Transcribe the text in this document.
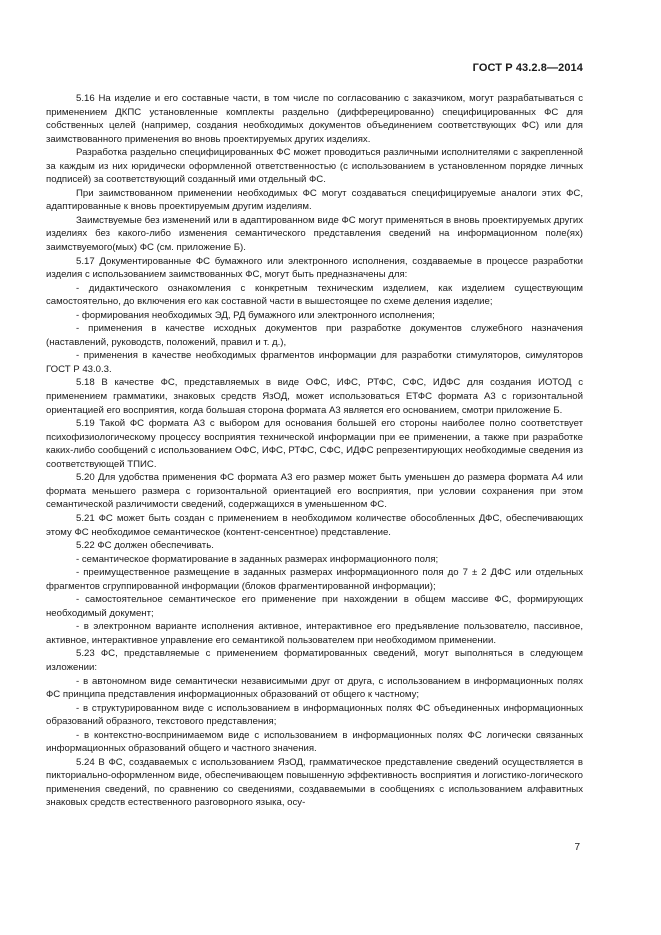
ГОСТ Р 43.2.8—2014

5.16 На изделие и его составные части, в том числе по согласованию с заказчиком, могут разрабатываться с применением ДКПС установленные комплекты раздельно (дифферецированно) специфицированных ФС для собственных целей (например, создания необходимых документов объединением соответствующих ФС) или для заимствованного применения во вновь проектируемых других изделиях.

Разработка раздельно специфицированных ФС может проводиться различными исполнителями с закрепленной за каждым из них юридически оформленной ответственностью (с использованием в установленном порядке личных подписей) за соответствующий созданный ими отдельный ФС.

При заимствованном применении необходимых ФС могут создаваться специфицируемые аналоги этих ФС, адаптированные к вновь проектируемым другим изделиям.

Заимствуемые без изменений или в адаптированном виде ФС могут применяться в вновь проектируемых других изделиях без какого-либо изменения семантического представления сведений на информационном поле(ях) заимствуемого(мых) ФС (см. приложение Б).

5.17 Документированные ФС бумажного или электронного исполнения, создаваемые в процессе разработки изделия с использованием заимствованных ФС, могут быть предназначены для:

- дидактического ознакомления с конкретным техническим изделием, как изделием существующим самостоятельно, до включения его как составной части в вышестоящее по схеме деления изделие;

- формирования необходимых ЭД, РД бумажного или электронного исполнения;

- применения в качестве исходных документов при разработке документов служебного назначения (наставлений, руководств, положений, правил и т. д.),

- применения в качестве необходимых фрагментов информации для разработки стимуляторов, симуляторов ГОСТ Р 43.0.3.

5.18 В качестве ФС, представляемых в виде ОФС, ИФС, РТФС, СФС, ИДФС для создания ИОТОД с применением грамматики, знаковых средств ЯзОД, может использоваться ЕТФС формата А3 с горизонтальной ориентацией его восприятия, когда большая сторона формата А3 является его основанием, смотри приложение Б.

5.19 Такой ФС формата А3 с выбором для основания большей его стороны наиболее полно соответствует психофизиологическому процессу восприятия технической информации при ее применении, а также при разработке каких-либо сообщений с использованием ОФС, ИФС, РТФС, СФС, ИДФС репрезентирующих необходимые сведения из соответствующей ТПИС.

5.20 Для удобства применения ФС формата А3 его размер может быть уменьшен до размера формата А4 или формата меньшего размера с горизонтальной ориентацией его восприятия, при условии сохранения при этом семантической различимости сведений, содержащихся в уменьшенном ФС.

5.21 ФС может быть создан с применением в необходимом количестве обособленных ДФС, обеспечивающих этому ФС необходимое семантическое (контент-сенсентное) представление.

5.22 ФС должен обеспечивать.

- семантическое форматирование в заданных размерах информационного поля;

- преимущественное размещение в заданных размерах информационного поля до 7 ± 2 ДФС или отдельных фрагментов сгруппированной информации (блоков фрагментированной информации);

- самостоятельное семантическое его применение при нахождении в общем массиве ФС, формирующих необходимый документ;

- в электронном варианте исполнения активное, интерактивное его предъявление пользователю, пассивное, активное, интерактивное управление его семантикой пользователем при необходимом применении.

5.23 ФС, представляемые с применением форматированных сведений, могут выполняться в следующем изложении:

- в автономном виде семантически независимыми друг от друга, с использованием в информационных полях ФС принципа представления информационных образований от общего к частному;

- в структурированном виде с использованием в информационных полях ФС объединенных информационных образований образного, текстового представления;

- в контекстно-воспринимаемом виде с использованием в информационных полях ФС логически связанных информационных образований общего и частного значения.

5.24 В ФС, создаваемых с использованием ЯзОД, грамматическое представление сведений осуществляется в пиктoриально-оформленном виде, обеспечивающем повышенную эффективность восприятия и логистико-логического применения сведений, по сравнению со сведениями, создаваемыми в сообщениях с использованием алфавитных знаковых средств естественного разговорного языка, осу-

7
